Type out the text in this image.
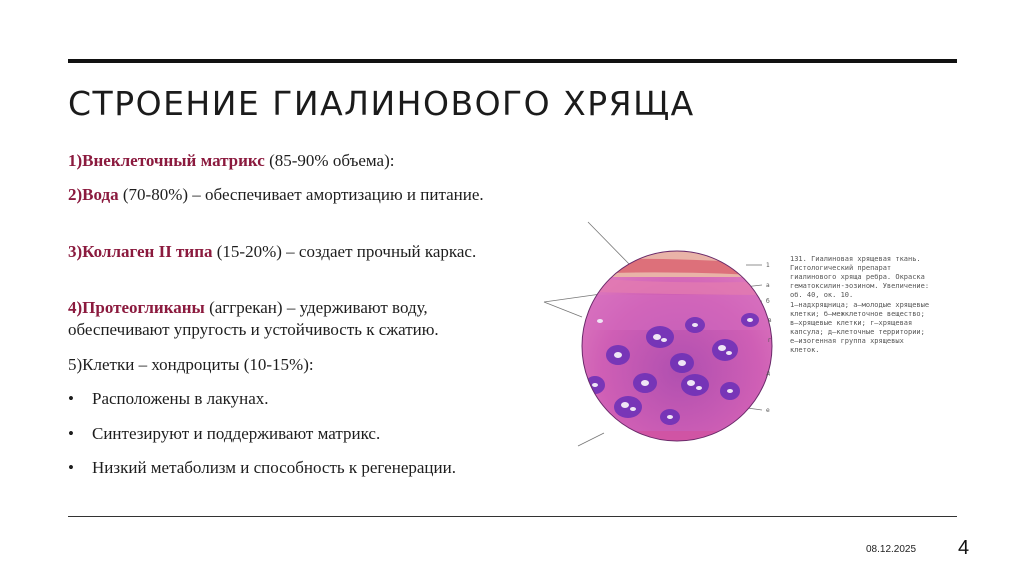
СТРОЕНИЕ ГИАЛИНОВОГО ХРЯЩА

1)Внеклеточный матрикс (85-90% объема):

2)Вода (70-80%) – обеспечивает амортизацию и питание.

3)Коллаген II типа (15-20%) – создает прочный каркас.

4)Протеогликаны (аггрекан) – удерживают воду, обеспечивают упругость и устойчивость к сжатию.

5)Клетки – хондроциты (10-15%):

• Расположены в лакунах.
• Синтезируют и поддерживают матрикс.
• Низкий метаболизм и способность к регенерации.
1
а
б
в
г
д
е
131. Гиалиновая хрящевая ткань. Гистологический препарат гиалинового хряща ребра. Окраска гематоксилин-эозином. Увеличение: об. 40, ок. 10.
1—надхрящница; а—молодые хрящевые клетки; б—межклеточное вещество; в—хрящевые клетки; г—хрящевая капсула; д—клеточные территории; е—изогенная группа хрящевых клеток.
08.12.2025 4
